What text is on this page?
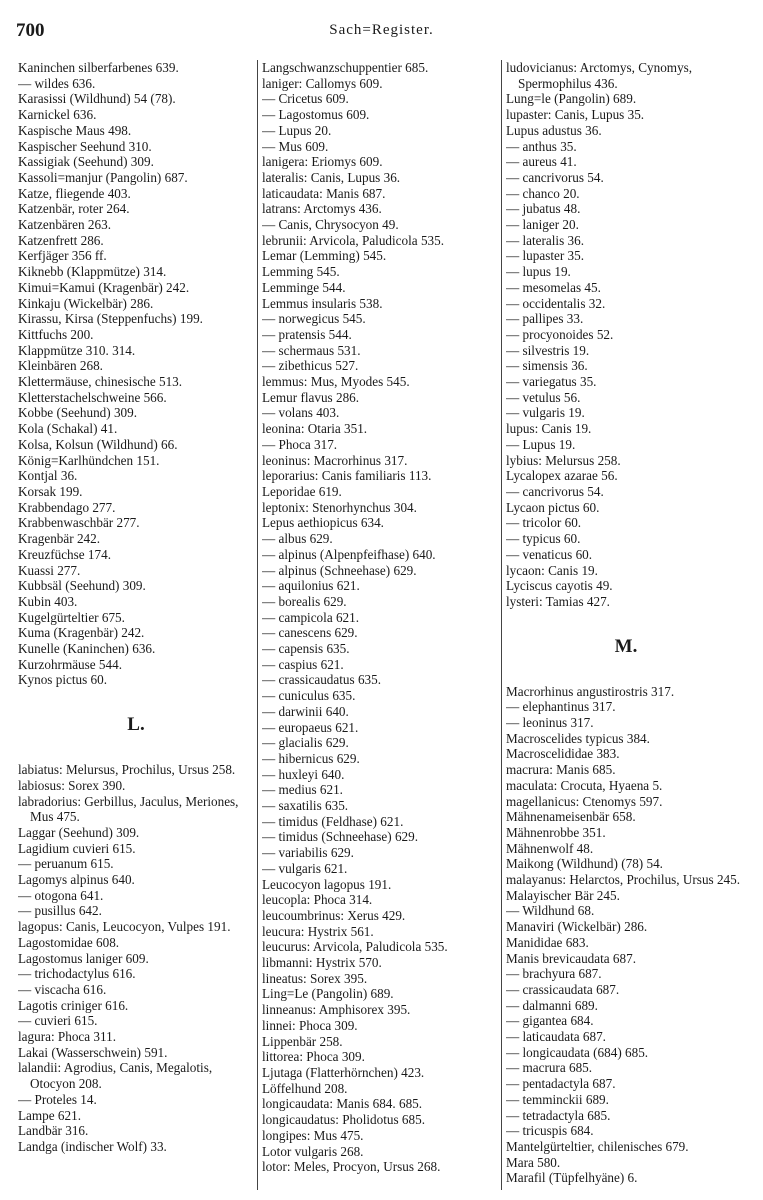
700	Sach=Register.
Kaninchen silberfarbenes 639.
— wildes 636.
Karasissi (Wildhund) 54 (78).
Karnickel 636.
Kaspische Maus 498.
Kaspischer Seehund 310.
Kassigiak (Seehund) 309.
Kassoli=manjur (Pangolin) 687.
Katze, fliegende 403.
Katzenbär, roter 264.
Katzenbären 263.
Katzenfrett 286.
Kerfjäger 356 ff.
Kiknebb (Klappmütze) 314.
Kimui=Kamui (Kragenbär) 242.
Kinkaju (Wickelbär) 286.
Kirassu, Kirsa (Steppenfuchs) 199.
Kittfuchs 200.
Klappmütze 310. 314.
Kleinbären 268.
Klettermäuse, chinesische 513.
Kletterstachelschweine 566.
Kobbe (Seehund) 309.
Kola (Schakal) 41.
Kolsa, Kolsun (Wildhund) 66.
König=Karlhündchen 151.
Kontjal 36.
Korsak 199.
Krabbendago 277.
Krabbenwaschbär 277.
Kragenbär 242.
Kreuzfüchse 174.
Kuassi 277.
Kubbsäl (Seehund) 309.
Kubin 403.
Kugelgürteltier 675.
Kuma (Kragenbär) 242.
Kunelle (Kaninchen) 636.
Kurzohrmäuse 544.
Kynos pictus 60.
L.
labiatus: Melursus, Prochilus, Ursus 258.
labiosus: Sorex 390.
labradorius: Gerbillus, Jaculus, Meriones, Mus 475.
Laggar (Seehund) 309.
Lagidium cuvieri 615.
— peruanum 615.
Lagomys alpinus 640.
— otogona 641.
— pusillus 642.
lagopus: Canis, Leucocyon, Vulpes 191.
Lagostomidae 608.
Lagostomus laniger 609.
— trichodactylus 616.
— viscacha 616.
Lagotis criniger 616.
— cuvieri 615.
lagura: Phoca 311.
Lakai (Wasserschwein) 591.
lalandii: Agrodius, Canis, Megalotis, Otocyon 208.
— Proteles 14.
Lampe 621.
Landbär 316.
Landga (indischer Wolf) 33.
Langschwanzschuppentier 685.
laniger: Callomys 609.
— Cricetus 609.
— Lagostomus 609.
— Lupus 20.
— Mus 609.
lanigera: Eriomys 609.
lateralis: Canis, Lupus 36.
laticaudata: Manis 687.
latrans: Arctomys 436.
— Canis, Chrysocyon 49.
lebrunii: Arvicola, Paludicola 535.
Lemar (Lemming) 545.
Lemming 545.
Lemminge 544.
Lemmus insularis 538.
— norwegicus 545.
— pratensis 544.
— schermaus 531.
— zibethicus 527.
lemmus: Mus, Myodes 545.
Lemur flavus 286.
— volans 403.
leonina: Otaria 351.
— Phoca 317.
leoninus: Macrorhinus 317.
leporarius: Canis familiaris 113.
Leporidae 619.
leptonix: Stenorhynchus 304.
Lepus aethiopicus 634.
— albus 629.
— alpinus (Alpenpfeifhase) 640.
— alpinus (Schneehase) 629.
— aquilonius 621.
— borealis 629.
— campicola 621.
— canescens 629.
— capensis 635.
— caspius 621.
— crassicaudatus 635.
— cuniculus 635.
— darwinii 640.
— europaeus 621.
— glacialis 629.
— hibernicus 629.
— huxleyi 640.
— medius 621.
— saxatilis 635.
— timidus (Feldhase) 621.
— timidus (Schneehase) 629.
— variabilis 629.
— vulgaris 621.
Leucocyon lagopus 191.
leucopla: Phoca 314.
leucoumbrinus: Xerus 429.
leucura: Hystrix 561.
leucurus: Arvicola, Paludicola 535.
libmanni: Hystrix 570.
lineatus: Sorex 395.
Ling=Le (Pangolin) 689.
linneanus: Amphisorex 395.
linnei: Phoca 309.
Lippenbär 258.
littorea: Phoca 309.
Ljutaga (Flatterhörnchen) 423.
Löffelhund 208.
longicaudata: Manis 684. 685.
longicaudatus: Pholidotus 685.
longipes: Mus 475.
Lotor vulgaris 268.
lotor: Meles, Procyon, Ursus 268.
ludovicianus: Arctomys, Cynomys, Spermophilus 436.
Lung=le (Pangolin) 689.
lupaster: Canis, Lupus 35.
Lupus adustus 36.
— anthus 35.
— aureus 41.
— cancrivorus 54.
— chanco 20.
— jubatus 48.
— laniger 20.
— lateralis 36.
— lupaster 35.
— lupus 19.
— mesomelas 45.
— occidentalis 32.
— pallipes 33.
— procyonoides 52.
— silvestris 19.
— simensis 36.
— variegatus 35.
— vetulus 56.
— vulgaris 19.
lupus: Canis 19.
— Lupus 19.
lybius: Melursus 258.
Lycalopex azarae 56.
— cancrivorus 54.
Lycaon pictus 60.
— tricolor 60.
— typicus 60.
— venaticus 60.
lycaon: Canis 19.
Lyciscus cayotis 49.
lysteri: Tamias 427.
M.
Macrorhinus angustirostris 317.
— elephantinus 317.
— leoninus 317.
Macroscelides typicus 384.
Macroscelididae 383.
macrura: Manis 685.
maculata: Crocuta, Hyaena 5.
magellanicus: Ctenomys 597.
Mähnenameisenbär 658.
Mähnenrobbe 351.
Mähnenwolf 48.
Maikong (Wildhund) (78) 54.
malayanus: Helarctos, Prochilus, Ursus 245.
Malayischer Bär 245.
— Wildhund 68.
Manaviri (Wickelbär) 286.
Manididae 683.
Manis brevicaudata 687.
— brachyura 687.
— crassicaudata 687.
— dalmanni 689.
— gigantea 684.
— laticaudata 687.
— longicaudata (684) 685.
— macrura 685.
— pentadactyla 687.
— temminckii 689.
— tetradactyla 685.
— tricuspis 684.
Mantelgürteltier, chilenisches 679.
Mara 580.
Marafil (Tüpfelhyäne) 6.
